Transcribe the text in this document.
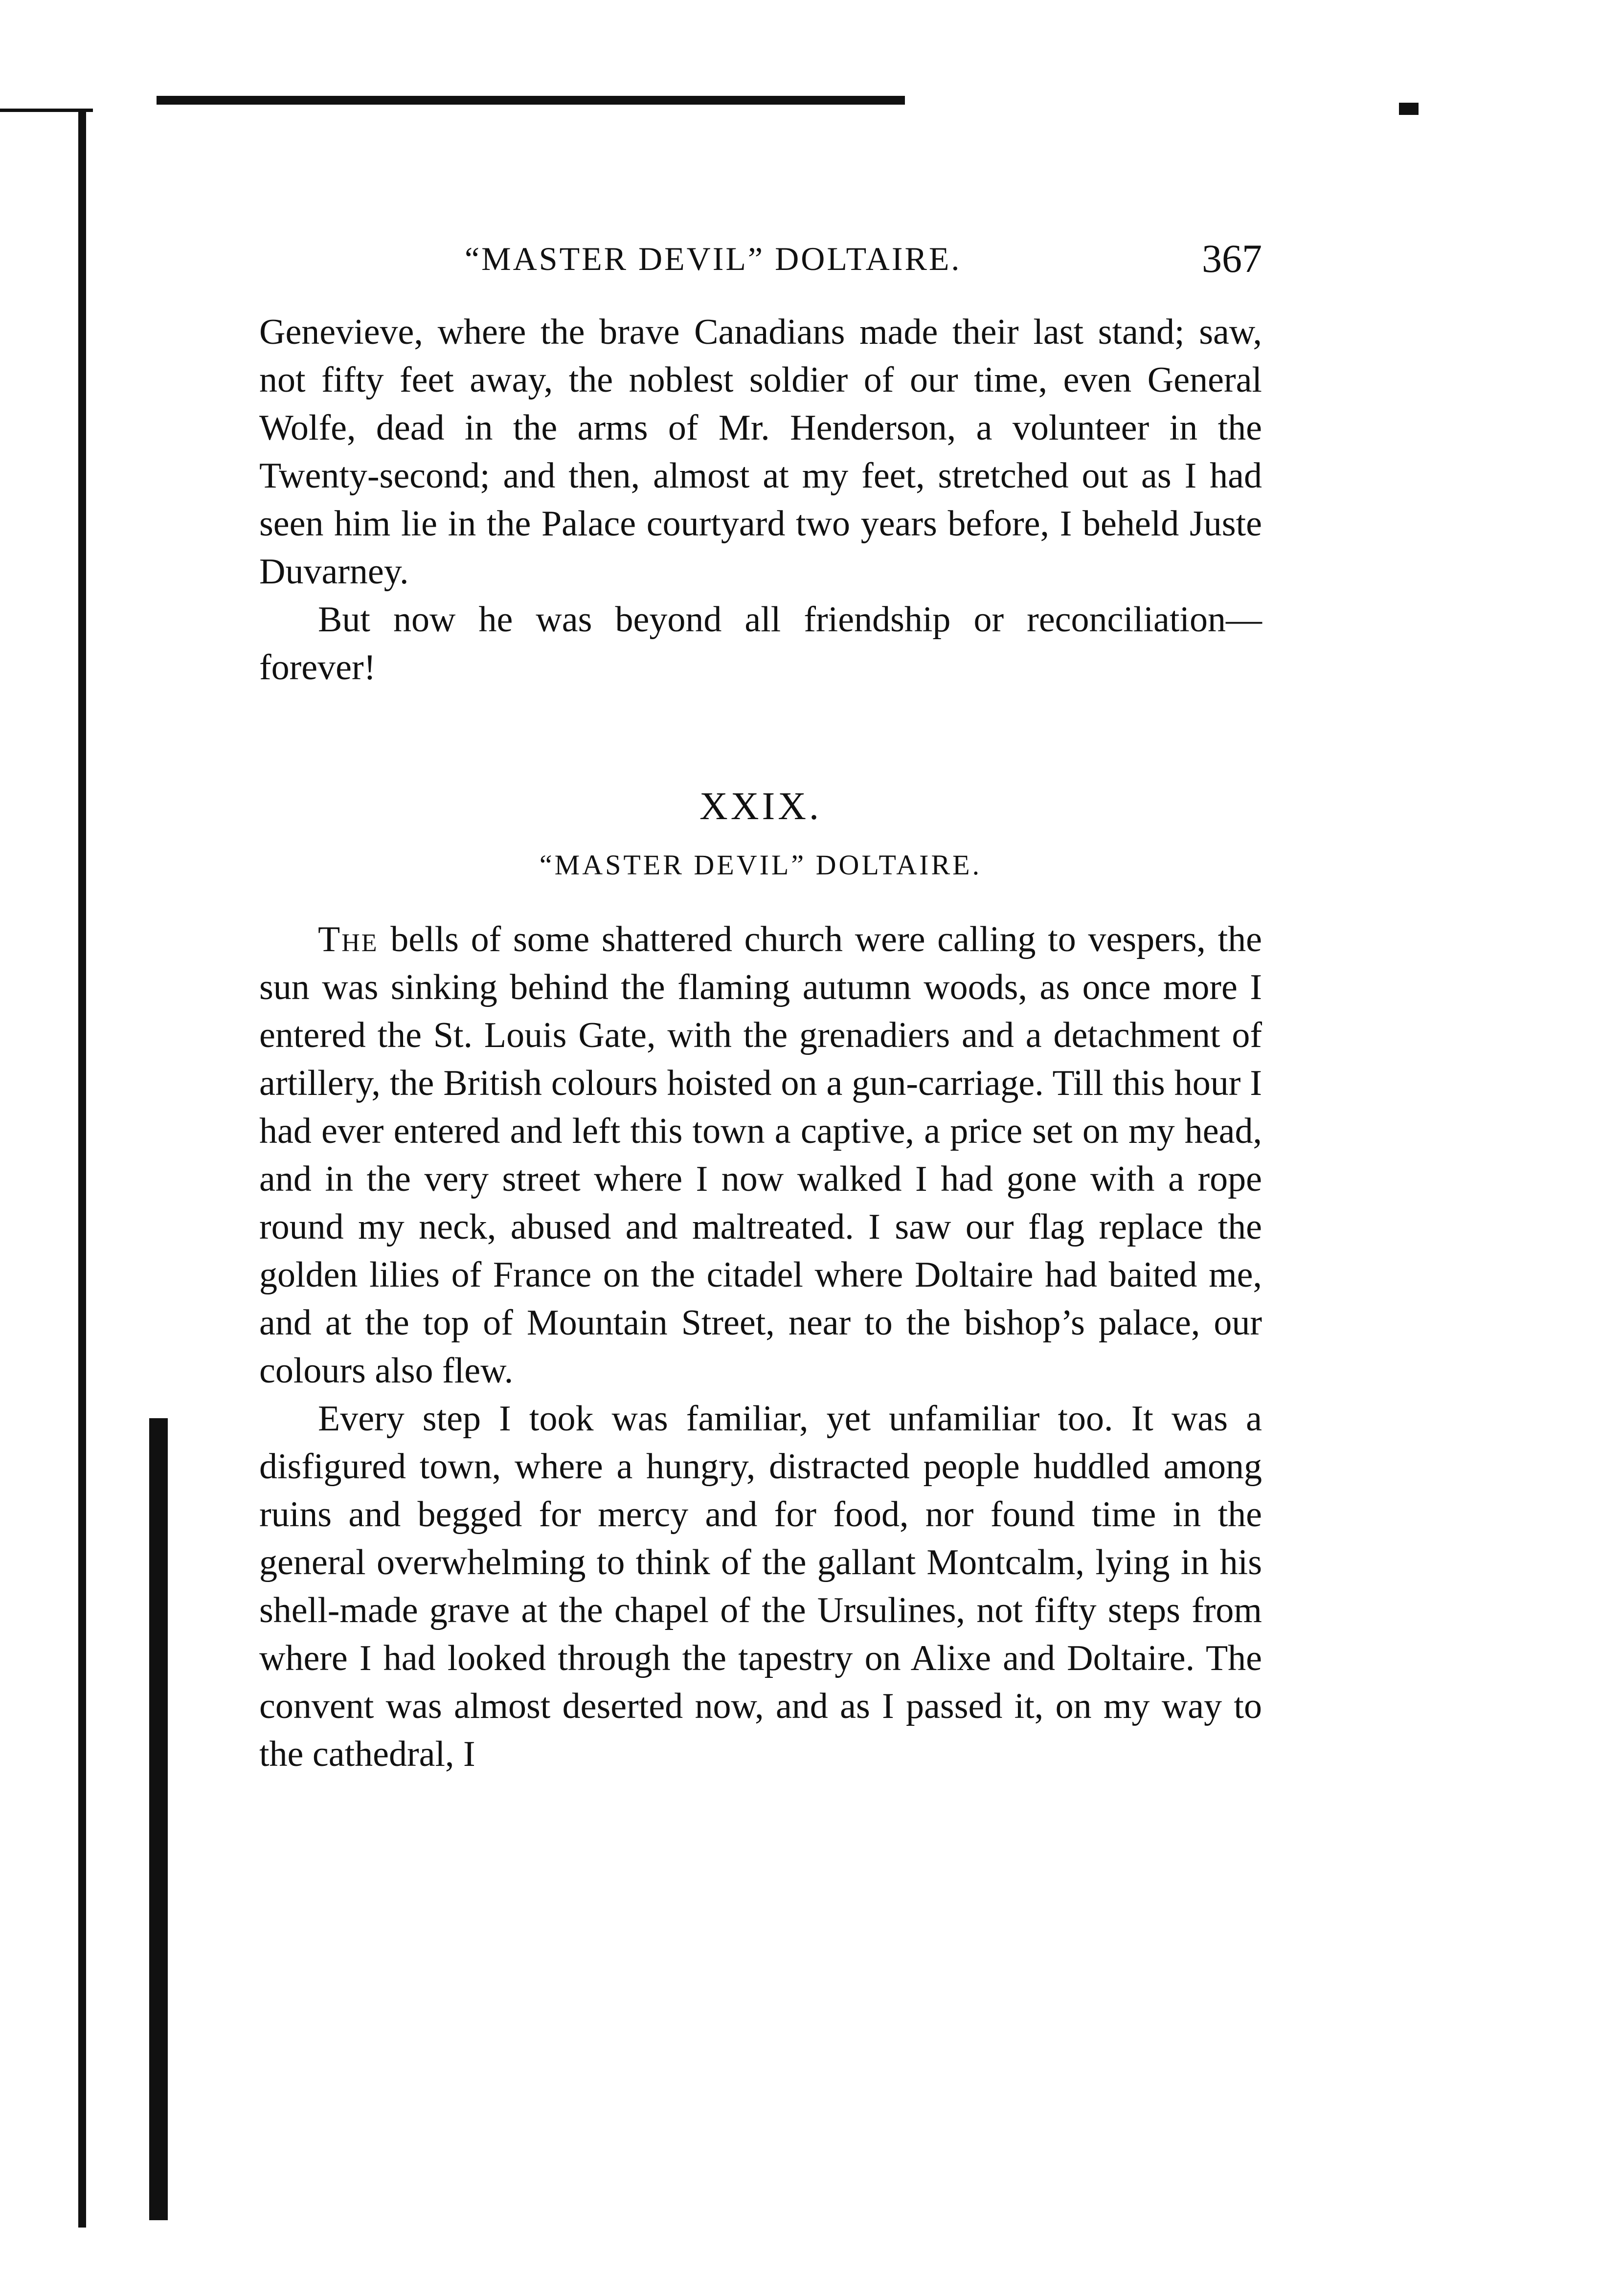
“MASTER DEVIL” DOLTAIRE.	367

Genevieve, where the brave Canadians made their last stand; saw, not fifty feet away, the noblest soldier of our time, even General Wolfe, dead in the arms of Mr. Henderson, a volunteer in the Twenty-second; and then, almost at my feet, stretched out as I had seen him lie in the Palace courtyard two years before, I beheld Juste Duvarney.

But now he was beyond all friendship or reconciliation—forever!

XXIX.
“MASTER DEVIL” DOLTAIRE.

The bells of some shattered church were calling to vespers, the sun was sinking behind the flaming autumn woods, as once more I entered the St. Louis Gate, with the grenadiers and a detachment of artillery, the British colours hoisted on a gun-carriage. Till this hour I had ever entered and left this town a captive, a price set on my head, and in the very street where I now walked I had gone with a rope round my neck, abused and maltreated. I saw our flag replace the golden lilies of France on the citadel where Doltaire had baited me, and at the top of Mountain Street, near to the bishop’s palace, our colours also flew.

Every step I took was familiar, yet unfamiliar too. It was a disfigured town, where a hungry, distracted people huddled among ruins and begged for mercy and for food, nor found time in the general overwhelming to think of the gallant Montcalm, lying in his shell-made grave at the chapel of the Ursulines, not fifty steps from where I had looked through the tapestry on Alixe and Doltaire. The convent was almost deserted now, and as I passed it, on my way to the cathedral, I
